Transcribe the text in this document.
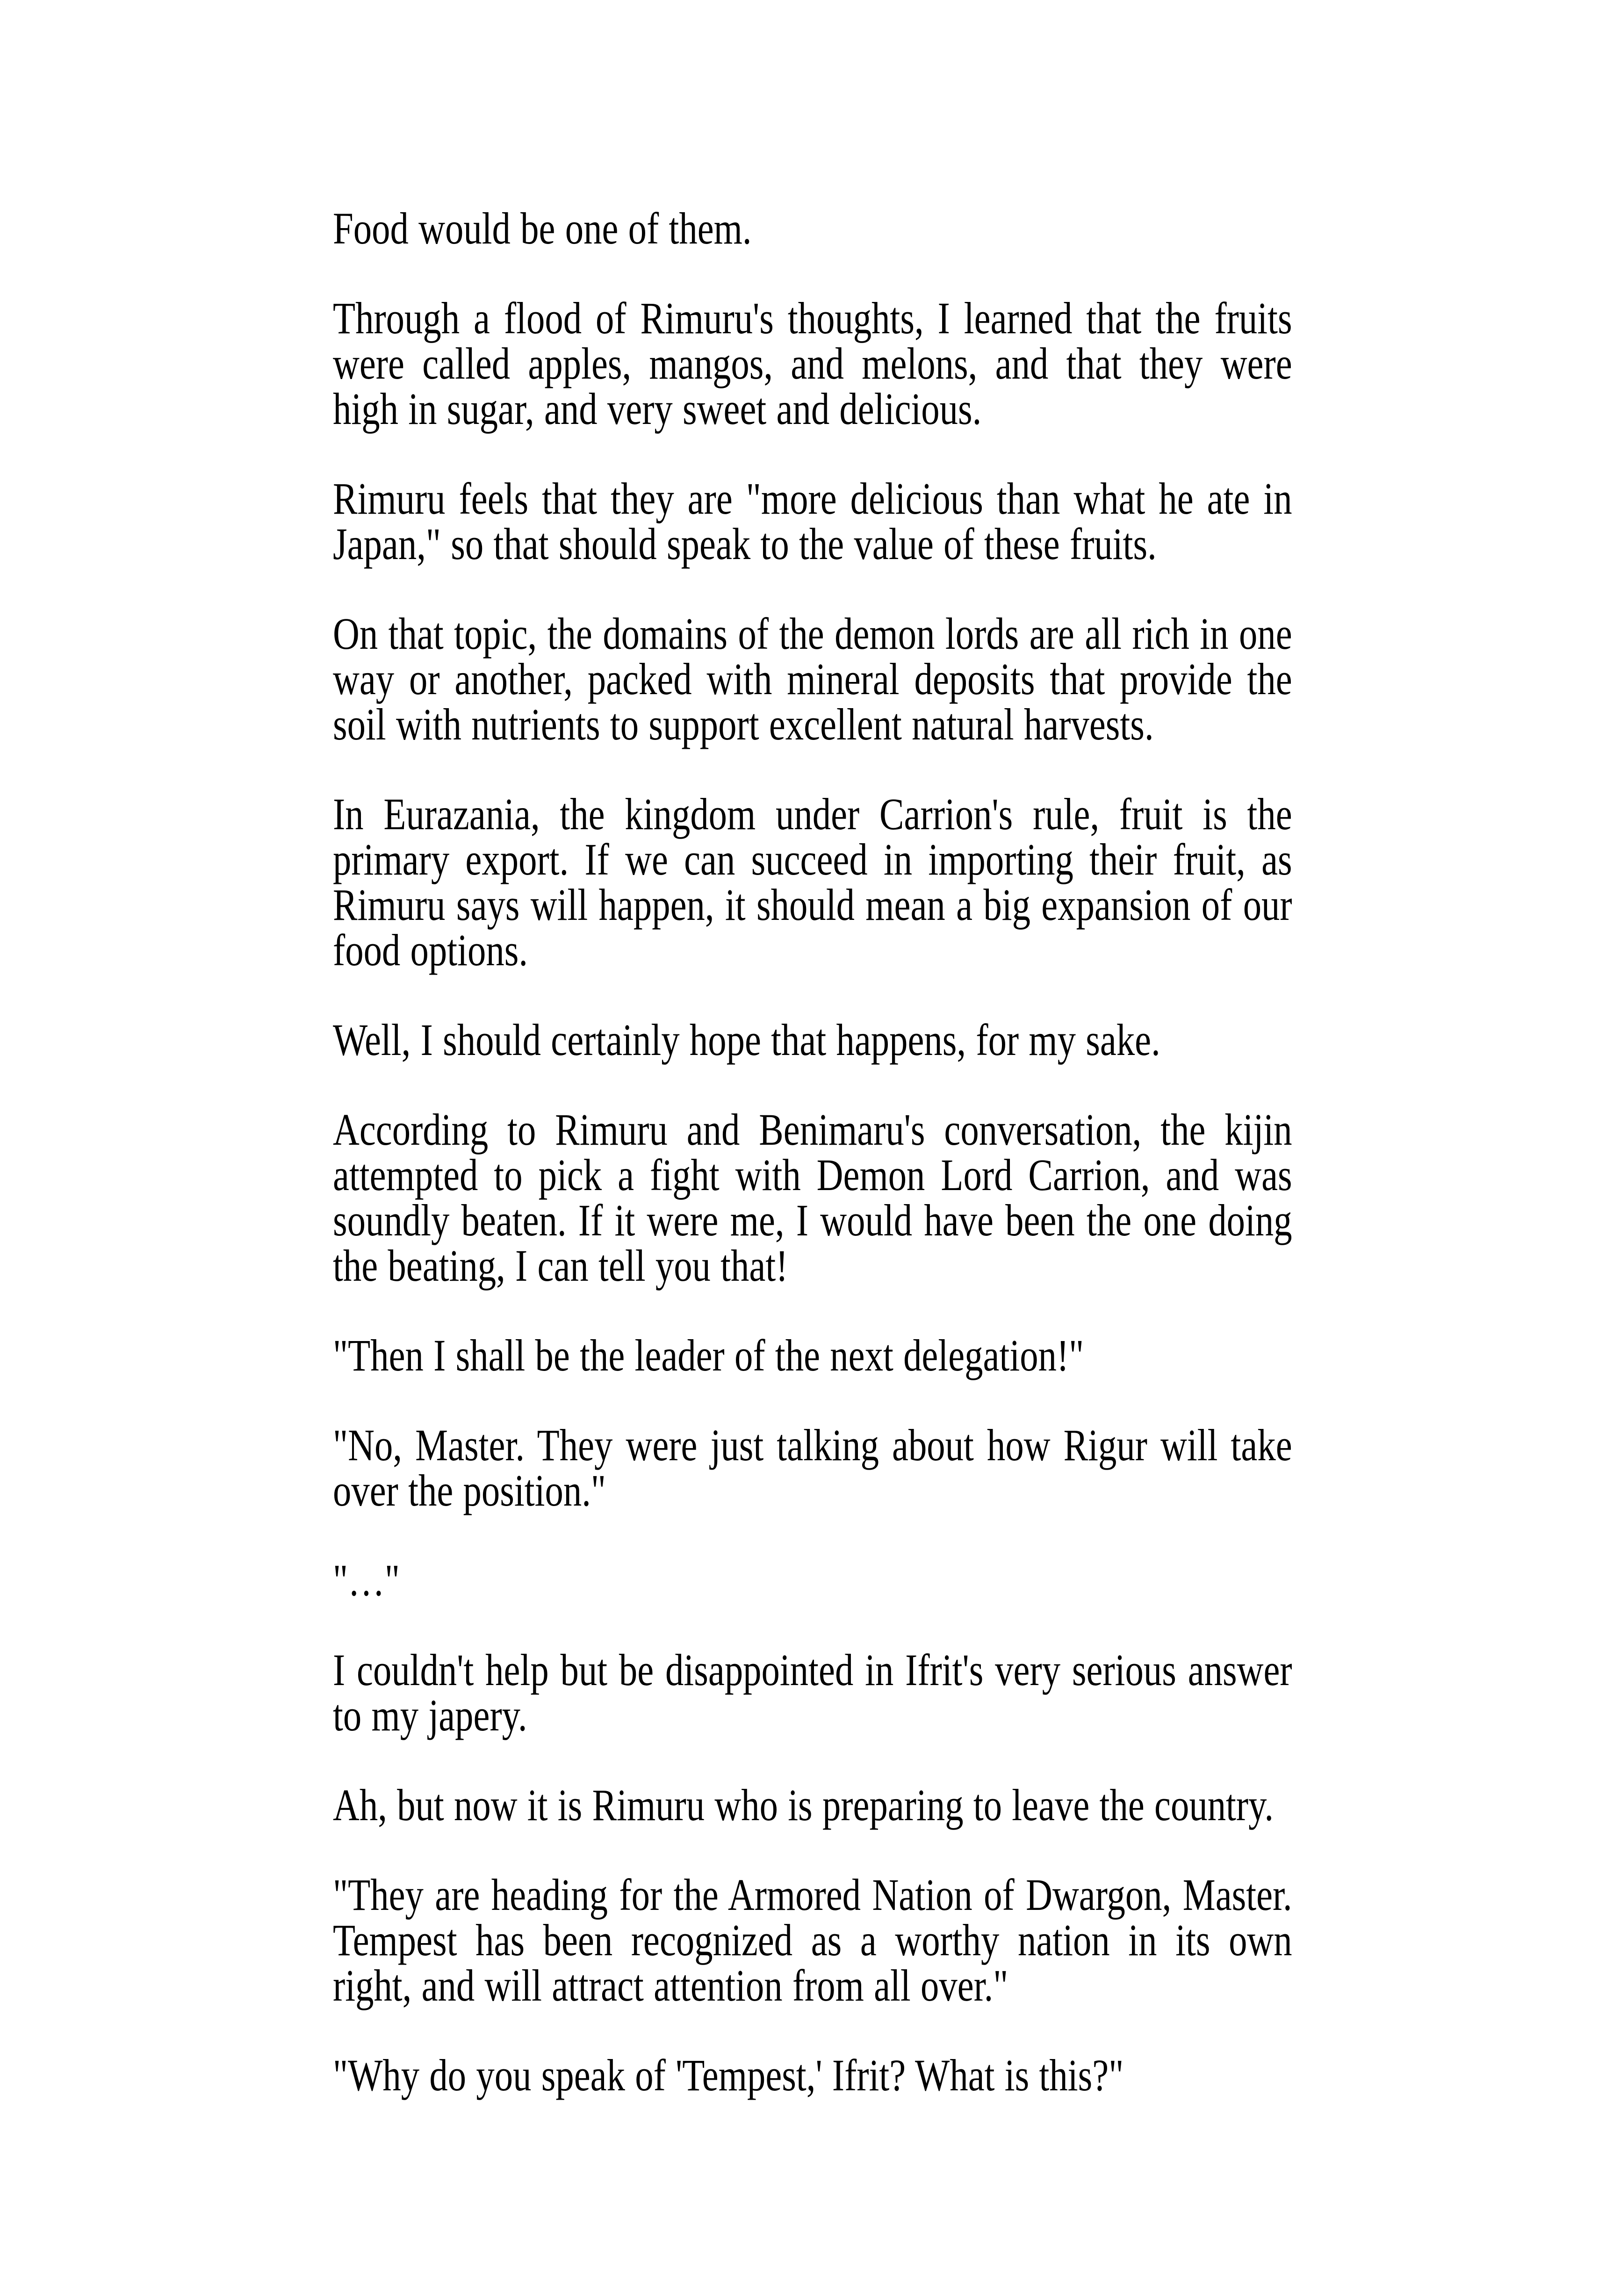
Food would be one of them.

Through a flood of Rimuru's thoughts, I learned that the fruits were called apples, mangos, and melons, and that they were high in sugar, and very sweet and delicious.

Rimuru feels that they are "more delicious than what he ate in Japan," so that should speak to the value of these fruits.

On that topic, the domains of the demon lords are all rich in one way or another, packed with mineral deposits that provide the soil with nutrients to support excellent natural harvests.

In Eurazania, the kingdom under Carrion's rule, fruit is the primary export. If we can succeed in importing their fruit, as Rimuru says will happen, it should mean a big expansion of our food options.

Well, I should certainly hope that happens, for my sake.

According to Rimuru and Benimaru's conversation, the kijin attempted to pick a fight with Demon Lord Carrion, and was soundly beaten. If it were me, I would have been the one doing the beating, I can tell you that!

"Then I shall be the leader of the next delegation!"

"No, Master. They were just talking about how Rigur will take over the position."

"…"

I couldn't help but be disappointed in Ifrit's very serious answer to my japery.

Ah, but now it is Rimuru who is preparing to leave the country.

"They are heading for the Armored Nation of Dwargon, Master. Tempest has been recognized as a worthy nation in its own right, and will attract attention from all over."

"Why do you speak of 'Tempest,' Ifrit? What is this?"
